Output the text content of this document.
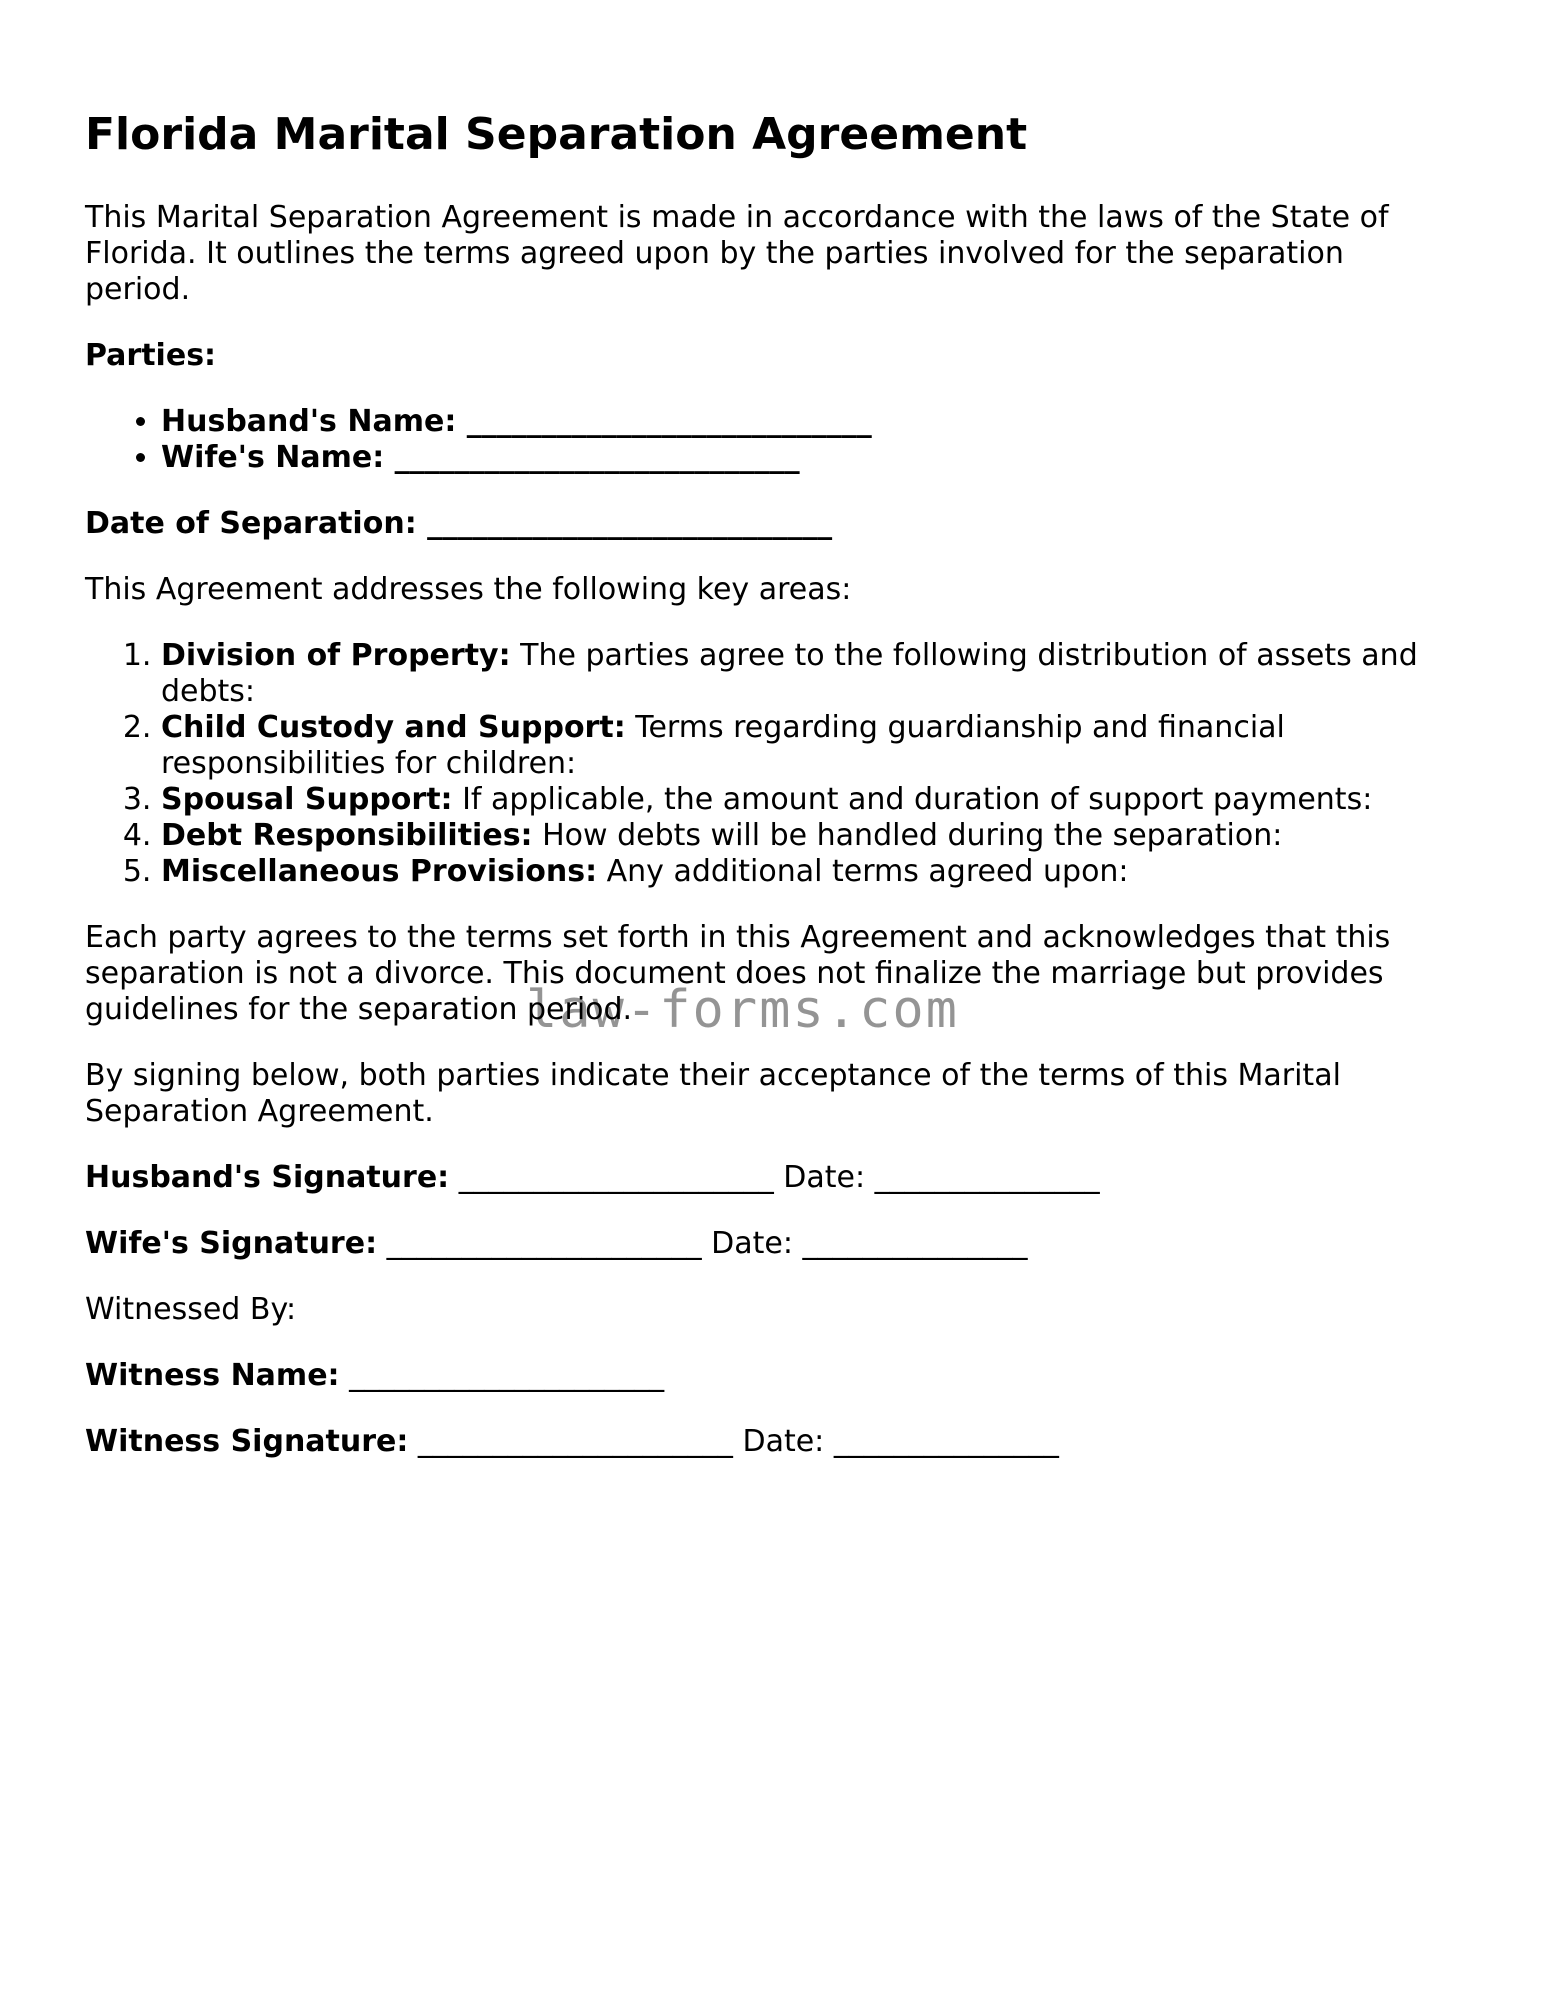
Florida Marital Separation Agreement

This Marital Separation Agreement is made in accordance with the laws of the State of Florida. It outlines the terms agreed upon by the parties involved for the separation period.

Parties:

• Husband's Name: ___________________________
• Wife's Name: ___________________________

Date of Separation: ___________________________

This Agreement addresses the following key areas:

1. Division of Property: The parties agree to the following distribution of assets and debts:
2. Child Custody and Support: Terms regarding guardianship and financial responsibilities for children:
3. Spousal Support: If applicable, the amount and duration of support payments:
4. Debt Responsibilities: How debts will be handled during the separation:
5. Miscellaneous Provisions: Any additional terms agreed upon:

Each party agrees to the terms set forth in this Agreement and acknowledges that this separation is not a divorce. This document does not finalize the marriage but provides guidelines for the separation period.

By signing below, both parties indicate their acceptance of the terms of this Marital Separation Agreement.

Husband's Signature: _____________________ Date: _______________

Wife's Signature: _____________________ Date: _______________

Witnessed By:

Witness Name: _____________________

Witness Signature: _____________________ Date: _______________

law-forms.com
